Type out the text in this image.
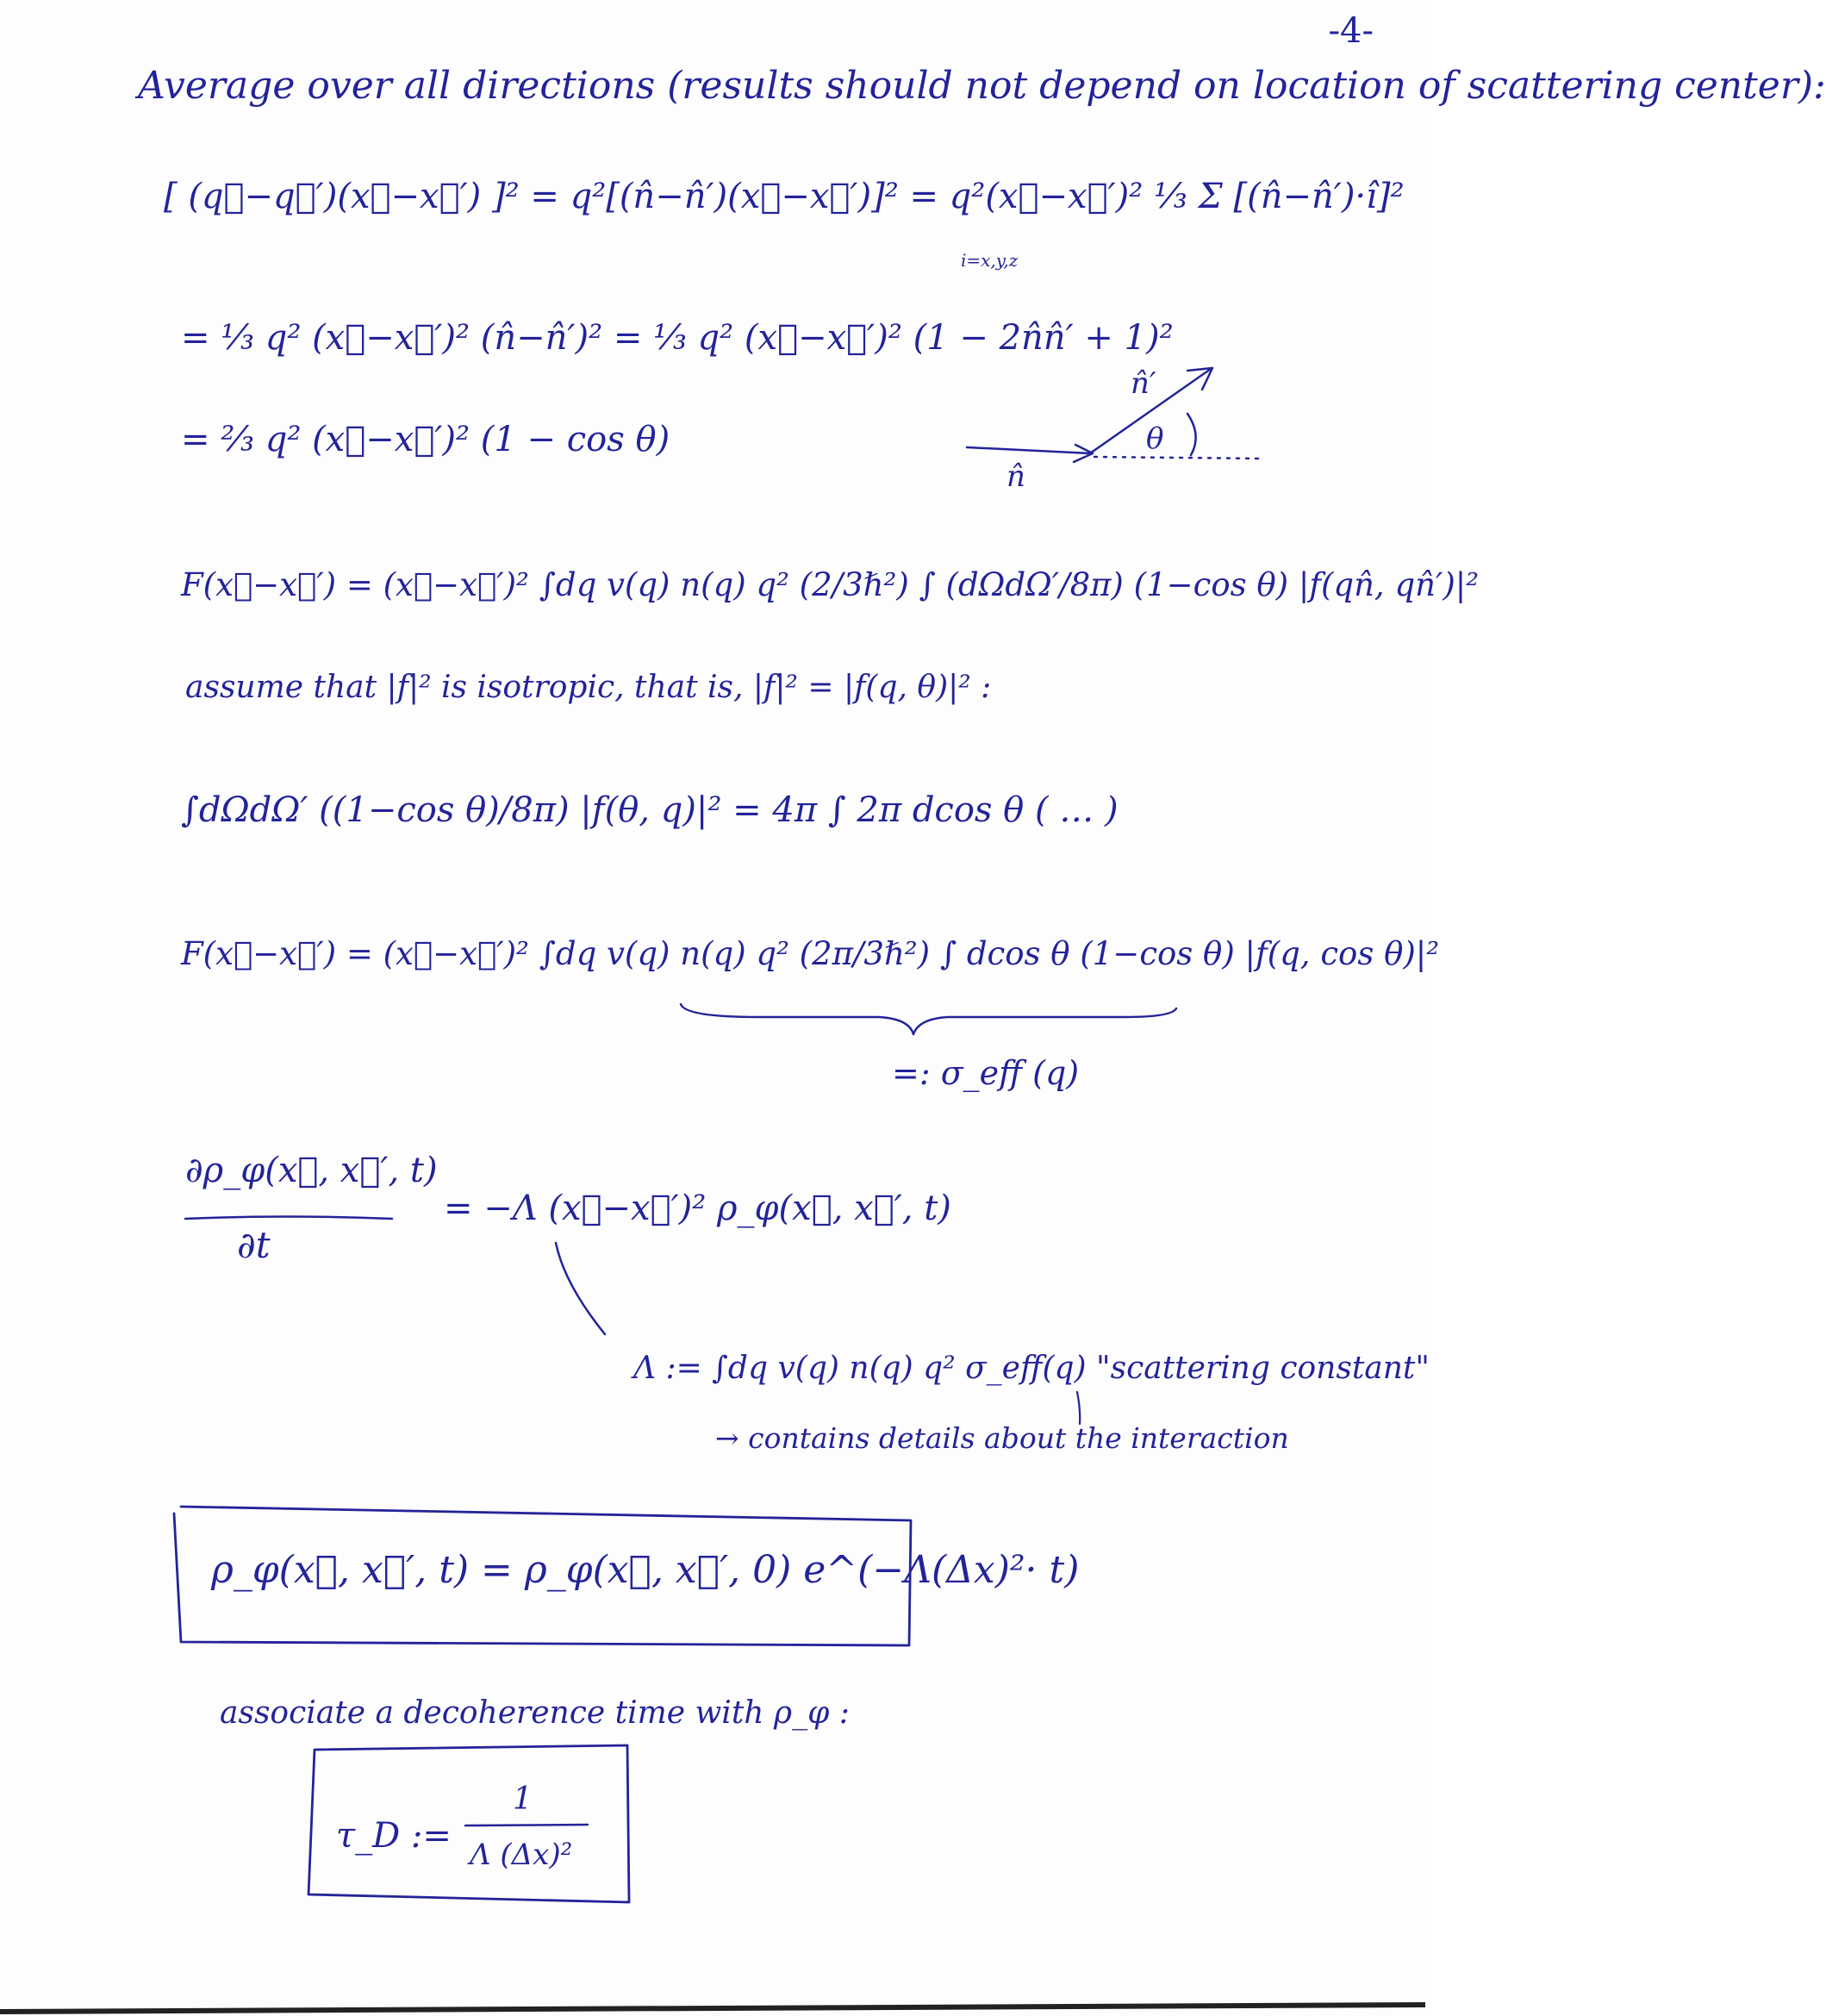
-4-
Average over all directions (results should not depend on location of scattering center):
[ (q⃗−q⃗′)(x⃗−x⃗′) ]² = q²[(n̂−n̂′)(x⃗−x⃗′)]² = q²(x⃗−x⃗′)² ⅓ Σ [(n̂−n̂′)·î]²
i=x,y,z
= ⅓ q² (x⃗−x⃗′)² (n̂−n̂′)² = ⅓ q² (x⃗−x⃗′)² (1 − 2n̂n̂′ + 1)²
= ⅔ q² (x⃗−x⃗′)² (1 − cos θ)
n̂
n̂′
θ
F(x⃗−x⃗′) = (x⃗−x⃗′)² ∫dq v(q) n(q) q² (2/3ℏ²) ∫ (dΩdΩ′/8π) (1−cos θ) |f(qn̂, qn̂′)|²
assume that |f|² is isotropic, that is, |f|² = |f(q, θ)|² :
∫dΩdΩ′ ((1−cos θ)/8π) |f(θ, q)|² = 4π ∫ 2π dcos θ ( … )
F(x⃗−x⃗′) = (x⃗−x⃗′)² ∫dq v(q) n(q) q² (2π/3ℏ²) ∫ dcos θ (1−cos θ) |f(q, cos θ)|²
=: σ_eff (q)
∂ρ_φ(x⃗, x⃗′, t)
∂t
= −Λ (x⃗−x⃗′)² ρ_φ(x⃗, x⃗′, t)
Λ := ∫dq v(q) n(q) q² σ_eff(q) "scattering constant"
→ contains details about the interaction
ρ_φ(x⃗, x⃗′, t) = ρ_φ(x⃗, x⃗′, 0) e^(−Λ(Δx)²· t)
associate a decoherence time with ρ_φ :
τ_D :=
1
Λ (Δx)²
